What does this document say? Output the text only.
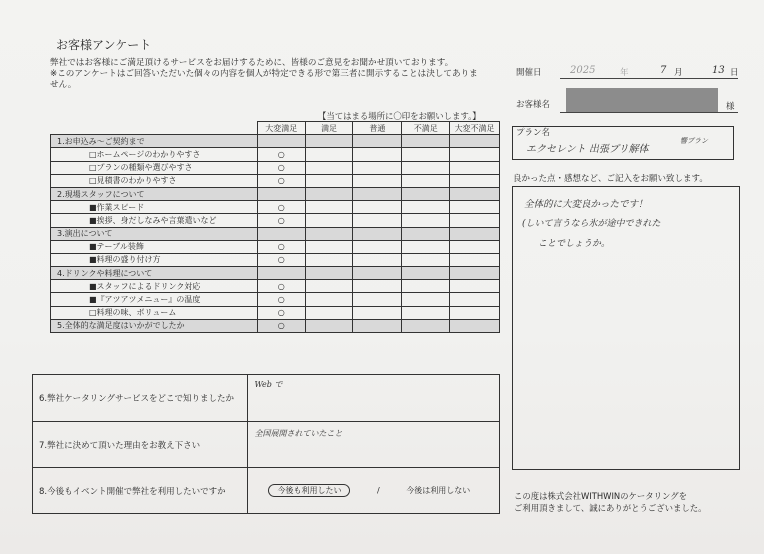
お客様アンケート
弊社ではお客様にご満足頂けるサービスをお届けするために、皆様のご意見をお聞かせ頂いております。
※このアンケートはご回答いただいた個々の内容を個人が特定できる形で第三者に開示することは決してありま
せん。
【当てはまる場所に〇印をお願いします。】
	大変満足	満足	普通	不満足	大変不満足
1.お申込み～ご契約まで					
□ホームページのわかりやすさ	○				
□プランの種類や選びやすさ	○				
□見積書のわかりやすさ	○				
2.現場スタッフについて					
■作業スピード	○				
■挨拶、身だしなみや言葉遣いなど	○				
3.演出について					
■テーブル装飾	○				
■料理の盛り付け方	○				
4.ドリンクや料理について					
■スタッフによるドリンク対応	○				
■『アツアツメニュー』の温度	○				
□料理の味、ボリューム	○				
5.全体的な満足度はいかがでしたか	○				
6.弊社ケータリングサービスをどこで知りましたか	Web で
7.弊社に決めて頂いた理由をお教え下さい	全国展開されていたこと
8.今後もイベント開催で弊社を利用したいですか	今後も利用したい / 今後は利用しない
開催日	2025	年	7 月	13 日
お客様名	様
プラン名
エクセレント 出張ブリ解体
響プラン
良かった点・感想など、ご記入をお願い致します。
全体的に大変良かったです！
(しいて言うなら氷が途中できれた
ことでしょうか。
この度は株式会社WITHWINのケータリングを
ご利用頂きまして、誠にありがとうございました。
